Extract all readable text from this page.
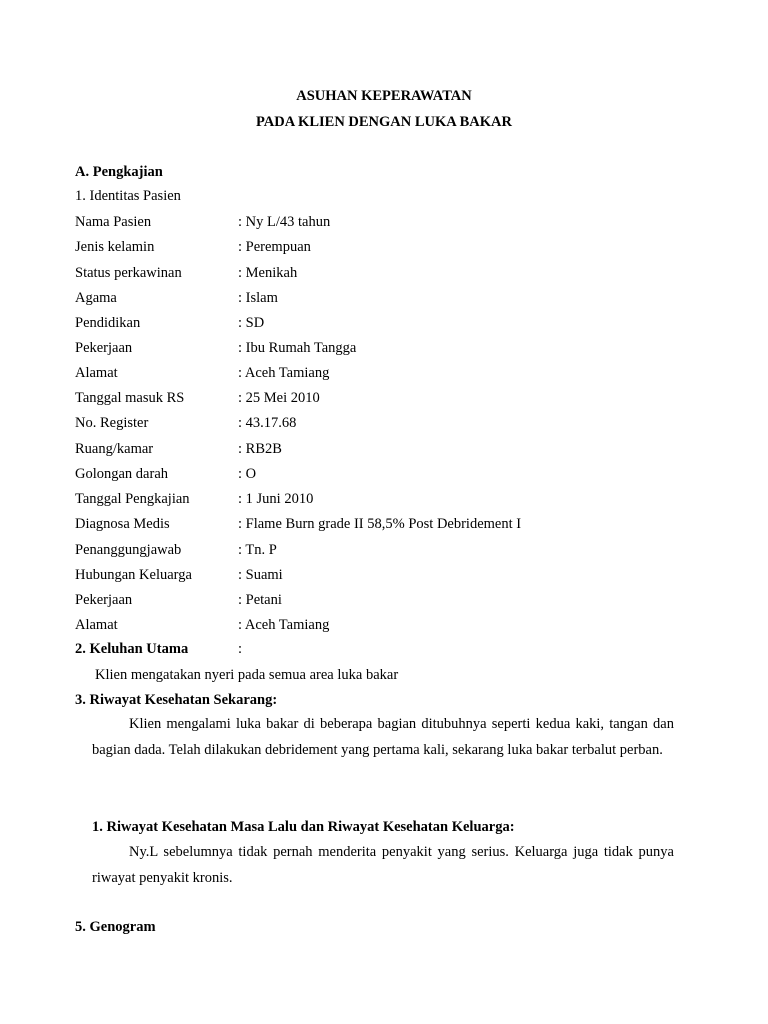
ASUHAN KEPERAWATAN
PADA KLIEN DENGAN LUKA BAKAR
A. Pengkajian
1. Identitas Pasien
Nama Pasien	: Ny L/43 tahun
Jenis kelamin	: Perempuan
Status perkawinan	: Menikah
Agama	: Islam
Pendidikan	: SD
Pekerjaan	: Ibu Rumah Tangga
Alamat	: Aceh Tamiang
Tanggal masuk RS	: 25 Mei 2010
No. Register	: 43.17.68
Ruang/kamar	: RB2B
Golongan darah	: O
Tanggal Pengkajian	: 1 Juni 2010
Diagnosa Medis	: Flame Burn grade II 58,5% Post Debridement I
Penanggungjawab	: Tn. P
Hubungan Keluarga	: Suami
Pekerjaan	: Petani
Alamat	: Aceh Tamiang
2. Keluhan Utama	:
Klien mengatakan nyeri pada semua area luka bakar
3. Riwayat Kesehatan Sekarang:
Klien mengalami luka bakar di beberapa bagian ditubuhnya seperti kedua kaki, tangan dan bagian dada. Telah dilakukan debridement yang pertama kali, sekarang luka bakar terbalut perban.
1. Riwayat Kesehatan Masa Lalu dan Riwayat Kesehatan Keluarga:
Ny.L sebelumnya tidak pernah menderita penyakit yang serius. Keluarga juga tidak punya riwayat penyakit kronis.
5. Genogram
